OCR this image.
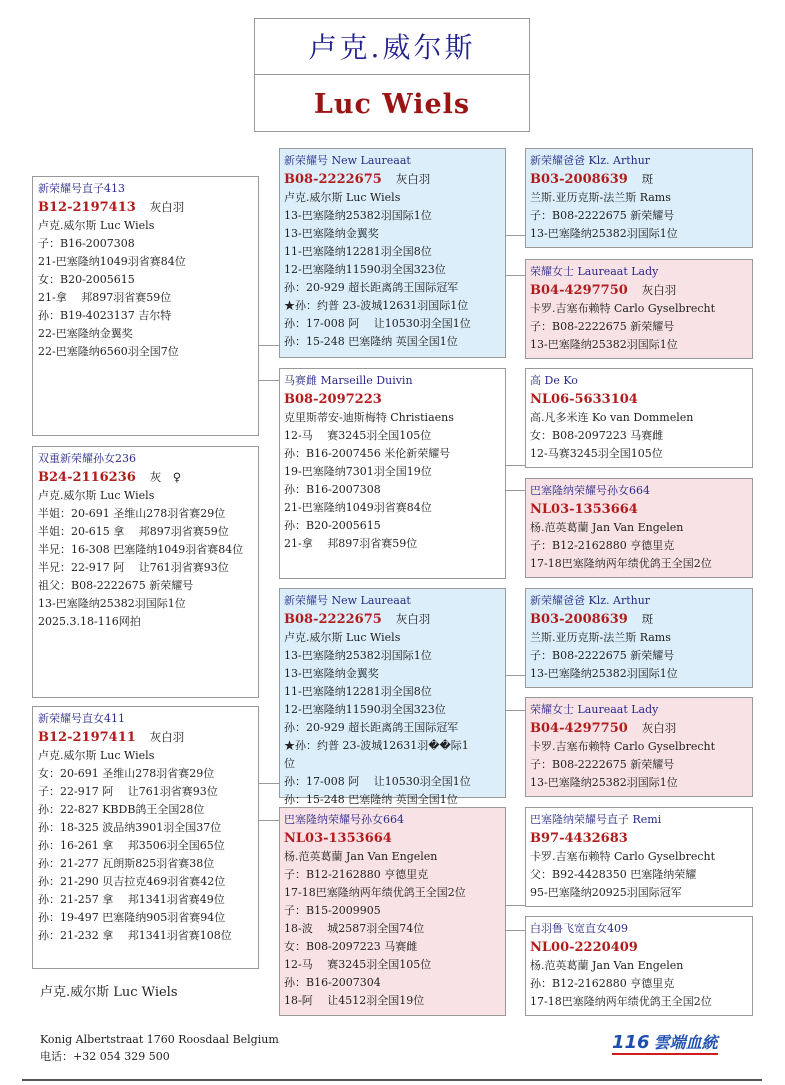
卢克.威尔斯
Luc Wiels
新荣耀号直子413
B12-2197413 灰白羽
卢克.威尔斯 Luc Wiels
子：B16-2007308
21-巴塞隆纳1049羽省赛84位
女：B20-2005615
21-拿　 邦897羽省赛59位
孙：B19-4023137 吉尔特
22-巴塞隆纳金翼奖
22-巴塞隆纳6560羽全国7位
双重新荣耀孙女236
B24-2116236 灰　♀
卢克.威尔斯 Luc Wiels
半姐：20-691 圣维山278羽省赛29位
半姐：20-615 拿　 邦897羽省赛59位
半兄：16-308 巴塞隆纳1049羽省赛84位
半兄：22-917 阿　 让761羽省赛93位
祖父：B08-2222675 新荣耀号
13-巴塞隆纳25382羽国际1位
2025.3.18-116网拍
新荣耀号直女411
B12-2197411 灰白羽
卢克.威尔斯 Luc Wiels
女：20-691 圣维山278羽省赛29位
子：22-917 阿　 让761羽省赛93位
孙：22-827 KBDB鸽王全国28位
孙：18-325 波品纳3901羽全国37位
孙：16-261 拿　 邦3506羽全国65位
孙：21-277 瓦朗斯825羽省赛38位
孙：21-290 贝吉拉克469羽省赛42位
孙：21-257 拿　 邦1341羽省赛49位
孙：19-497 巴塞隆纳905羽省赛94位
孙：21-232 拿　 邦1341羽省赛108位
新荣耀号 New Laureaat
B08-2222675 灰白羽
卢克.威尔斯 Luc Wiels
13-巴塞隆纳25382羽国际1位
13-巴塞隆纳金翼奖
11-巴塞隆纳12281羽全国8位
12-巴塞隆纳11590羽全国323位
孙：20-929 超长距离鸽王国际冠军
★孙：约普 23-波城12631羽国际1位
孙：17-008 阿　 让10530羽全国1位
孙：15-248 巴塞隆纳 英国全国1位
马赛雌 Marseille Duivin
B08-2097223
克里斯蒂安-迪斯梅特 Christiaens
12-马　 赛3245羽全国105位
孙：B16-2007456 米伦新荣耀号
19-巴塞隆纳7301羽全国19位
孙：B16-2007308
21-巴塞隆纳1049羽省赛84位
孙：B20-2005615
21-拿　 邦897羽省赛59位
新荣耀号 New Laureaat
B08-2222675 灰白羽
卢克.威尔斯 Luc Wiels
13-巴塞隆纳25382羽国际1位
13-巴塞隆纳金翼奖
11-巴塞隆纳12281羽全国8位
12-巴塞隆纳11590羽全国323位
孙：20-929 超长距离鸽王国际冠军
★孙：约普 23-波城12631羽��际1
位
孙：17-008 阿　 让10530羽全国1位
孙：15-248 巴塞隆纳 英国全国1位
巴塞隆纳荣耀号孙女664
NL03-1353664
杨.范英葛蘭 Jan Van Engelen
子：B12-2162880 亨德里克
17-18巴塞隆纳两年绩优鸽王全国2位
子：B15-2009905
18-波　 城2587羽全国74位
女：B08-2097223 马赛雌
12-马　 赛3245羽全国105位
孙：B16-2007304
18-阿　 让4512羽全国19位
新荣耀爸爸 Klz. Arthur
B03-2008639 斑
兰斯.亚历克斯-法兰斯 Rams
子：B08-2222675 新荣耀号
13-巴塞隆纳25382羽国际1位
荣耀女士 Laureaat Lady
B04-4297750 灰白羽
卡罗.吉塞布赖特 Carlo Gyselbrecht
子：B08-2222675 新荣耀号
13-巴塞隆纳25382羽国际1位
高 De Ko
NL06-5633104
高.凡多米连 Ko van Dommelen
女：B08-2097223 马赛雌
12-马赛3245羽全国105位
巴塞隆纳荣耀号孙女664
NL03-1353664
杨.范英葛蘭 Jan Van Engelen
子：B12-2162880 亨德里克
17-18巴塞隆纳两年绩优鸽王全国2位
新荣耀爸爸 Klz. Arthur
B03-2008639 斑
兰斯.亚历克斯-法兰斯 Rams
子：B08-2222675 新荣耀号
13-巴塞隆纳25382羽国际1位
荣耀女士 Laureaat Lady
B04-4297750 灰白羽
卡罗.吉塞布赖特 Carlo Gyselbrecht
子：B08-2222675 新荣耀号
13-巴塞隆纳25382羽国际1位
巴塞隆纳荣耀号直子 Remi
B97-4432683
卡罗.吉塞布赖特 Carlo Gyselbrecht
父：B92-4428350 巴塞隆纳荣耀
95-巴塞隆纳20925羽国际冠军
白羽鲁飞宽直女409
NL00-2220409
杨.范英葛蘭 Jan Van Engelen
孙：B12-2162880 亨德里克
17-18巴塞隆纳两年绩优鸽王全国2位
卢克.威尔斯 Luc Wiels
Konig Albertstraat 1760 Roosdaal Belgium
电话：+32 054 329 500
116 雲端血統
